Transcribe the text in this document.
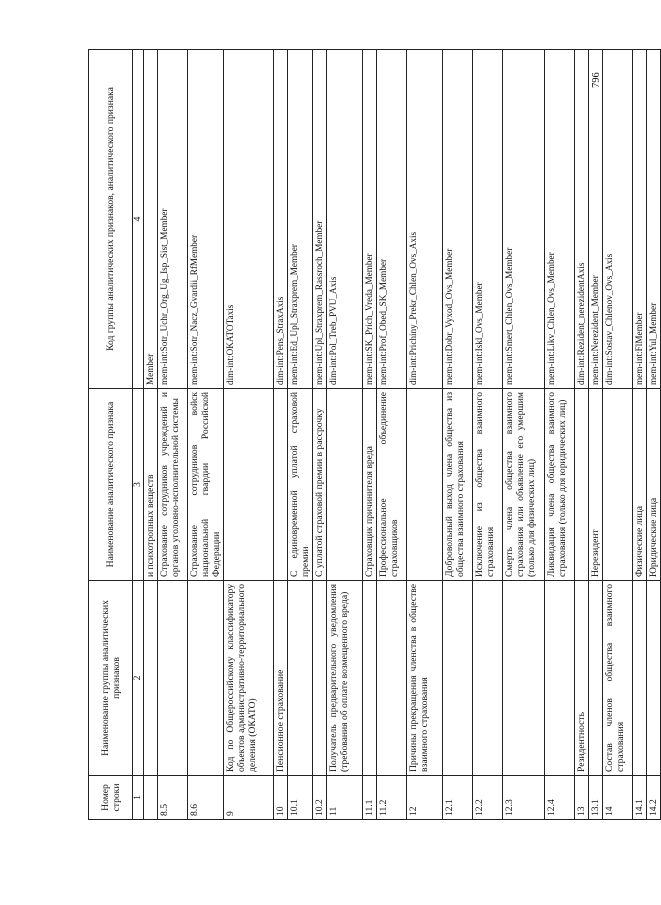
Номер строки	Наименование группы аналитических признаков	Наименование аналитического признака	Код группы аналитических признаков, аналитического признака
1	2	3	4
		и психотропных веществ	Member
8.5		Страхование сотрудников учреждений и органов уголовно-исполнительной системы	mem-int:Sotr_Uchr_Org_Ug_Isp_Sist_Member
8.6		Страхование сотрудников войск национальной гвардии Российской Федерации	mem-int:Sotr_Nacz_Gvardii_RfMember
9	Код по Общероссийскому классификатору объектов административно-территориального деления (ОКАТО)		dim-int:OKATOTaxis
10	Пенсионное страхование		dim-int:Pens_StraxAxis
10.1		С единовременной уплатой страховой премии	mem-int:Ed_Upl_Straxprem_Member
10.2		С уплатой страховой премии в рассрочку	mem-int:Upl_Straxprem_Rassroch_Member
11	Получатель предварительного уведомления (требования об оплате возмещенного вреда)		dim-int:Pol_Treb_PVU_Axis
11.1		Страховщик причинителя вреда	mem-int:SK_Prich_Vreda_Member
11.2		Профессиональное объединение страховщиков	mem-int:Prof_Obed_SK_Member
12	Причины прекращения членства в обществе взаимного страхования		dim-int:Prichiny_Prekr_Chlen_Ovs_Axis
12.1		Добровольный выход члена общества из общества взаимного страхования	mem-int:Dobr_Vyxod_Ovs_Member
12.2		Исключение из общества взаимного страхования	mem-int:Iskl_Ovs_Member
12.3		Смерть члена общества взаимного страхования или объявление его умершим (только для физических лиц)	mem-int:Smert_Chlen_Ovs_Member
12.4		Ликвидация члена общества взаимного страхования (только для юридических лиц)	mem-int:Likv_Chlen_Ovs_Member
13	Резидентность		dim-int:Rezident_nerezidentAxis
13.1		Нерезидент	mem-int:Nerezident_Member
14	Состав членов общества взаимного страхования		dim-int:Sostav_Chlenov_Ovs_Axis
14.1		Физические лица	mem-int:FlMember
14.2		Юридические лица	mem-int:Yul_Member
796
